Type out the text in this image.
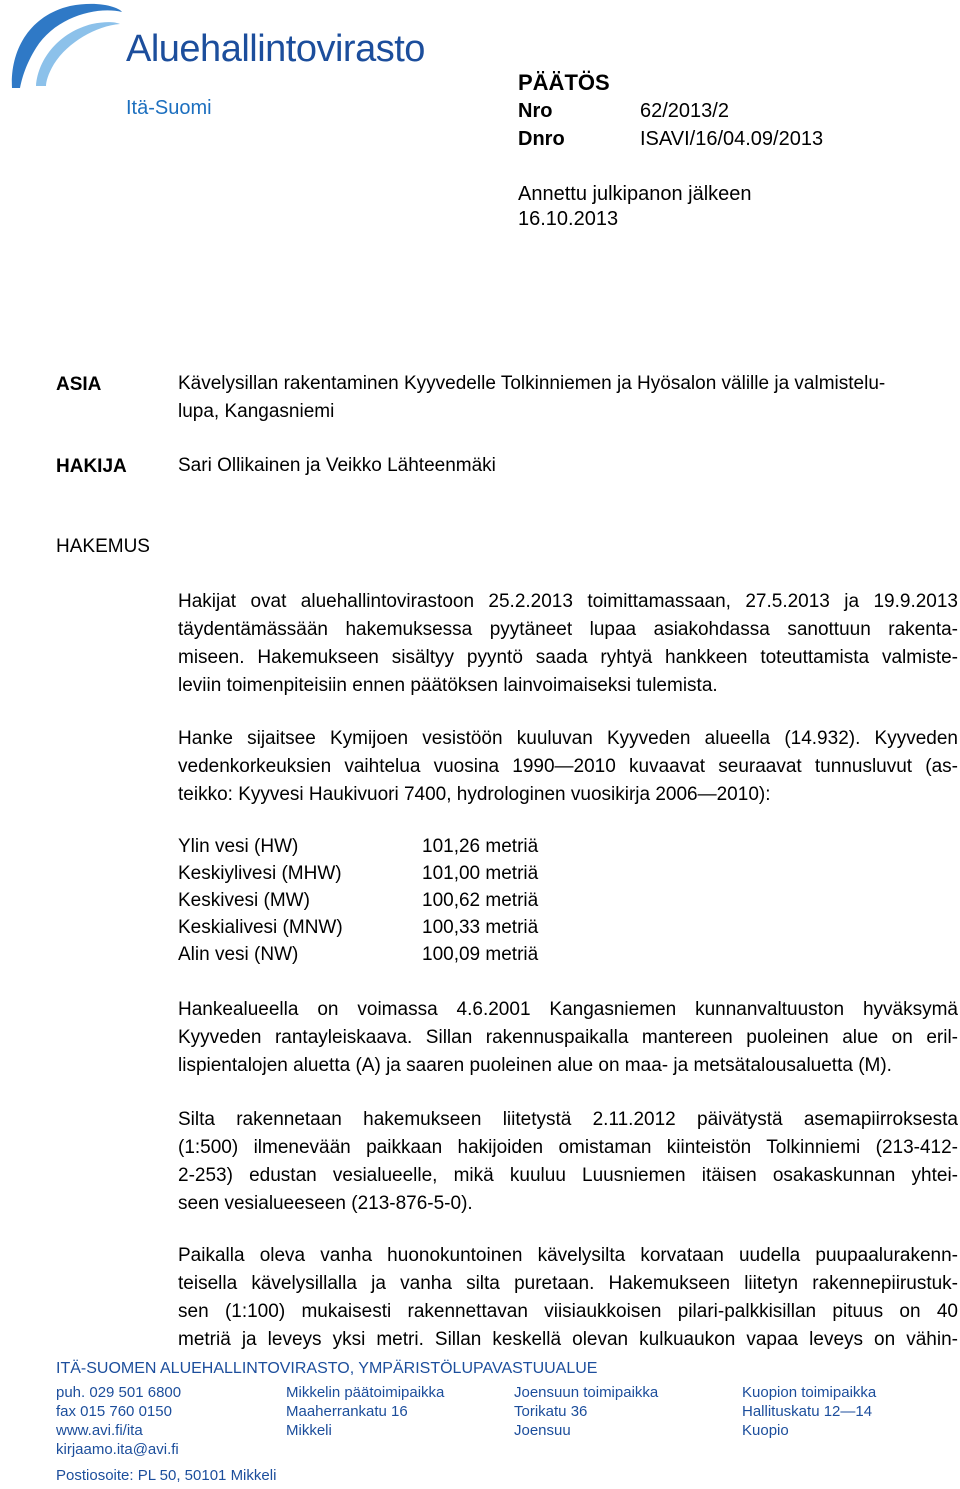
Aluehallintovirasto
Itä-Suomi
PÄÄTÖS
Nro	62/2013/2
Dnro	ISAVI/16/04.09/2013
Annettu julkipanon jälkeen
16.10.2013
ASIA	Kävelysillan rakentaminen Kyyvedelle Tolkinniemen ja Hyösalon välille ja valmistelu-
lupa, Kangasniemi
HAKIJA	Sari Ollikainen ja Veikko Lähteenmäki
HAKEMUS
Hakijat ovat aluehallintovirastoon 25.2.2013 toimittamassaan, 27.5.2013 ja 19.9.2013
täydentämässään hakemuksessa pyytäneet lupaa asiakohdassa sanottuun rakenta-
miseen. Hakemukseen sisältyy pyyntö saada ryhtyä hankkeen toteuttamista valmiste-
leviin toimenpiteisiin ennen päätöksen lainvoimaiseksi tulemista.
Hanke sijaitsee Kymijoen vesistöön kuuluvan Kyyveden alueella (14.932). Kyyveden
vedenkorkeuksien vaihtelua vuosina 1990—2010 kuvaavat seuraavat tunnusluvut (as-
teikko: Kyyvesi Haukivuori 7400, hydrologinen vuosikirja 2006—2010):
Ylin vesi (HW)	101,26 metriä
Keskiylivesi (MHW)	101,00 metriä
Keskivesi (MW)	100,62 metriä
Keskialivesi (MNW)	100,33 metriä
Alin vesi (NW)	100,09 metriä
Hankealueella on voimassa 4.6.2001 Kangasniemen kunnanvaltuuston hyväksymä
Kyyveden rantayleiskaava. Sillan rakennuspaikalla mantereen puoleinen alue on eril-
lispientalojen aluetta (A) ja saaren puoleinen alue on maa- ja metsätalousaluetta (M).
Silta rakennetaan hakemukseen liitetystä 2.11.2012 päivätystä asemapiirroksesta
(1:500) ilmenevään paikkaan hakijoiden omistaman kiinteistön Tolkinniemi (213-412-
2-253) edustan vesialueelle, mikä kuuluu Luusniemen itäisen osakaskunnan yhtei-
seen vesialueeseen (213-876-5-0).
Paikalla oleva vanha huonokuntoinen kävelysilta korvataan uudella puupaalurakenn-
teisella kävelysillalla ja vanha silta puretaan. Hakemukseen liitetyn rakennepiirustuk-
sen (1:100) mukaisesti rakennettavan viisiaukkoisen pilari-palkkisillan pituus on 40
metriä ja leveys yksi metri. Sillan keskellä olevan kulkuaukon vapaa leveys on vähin-
ITÄ-SUOMEN ALUEHALLINTOVIRASTO, YMPÄRISTÖLUPAVASTUUALUE
puh. 029 501 6800
fax 015 760 0150
www.avi.fi/ita
kirjaamo.ita@avi.fi
Mikkelin päätoimipaikka
Maaherrankatu 16
Mikkeli
Joensuun toimipaikka
Torikatu 36
Joensuu
Kuopion toimipaikka
Hallituskatu 12—14
Kuopio
Postiosoite: PL 50, 50101 Mikkeli
